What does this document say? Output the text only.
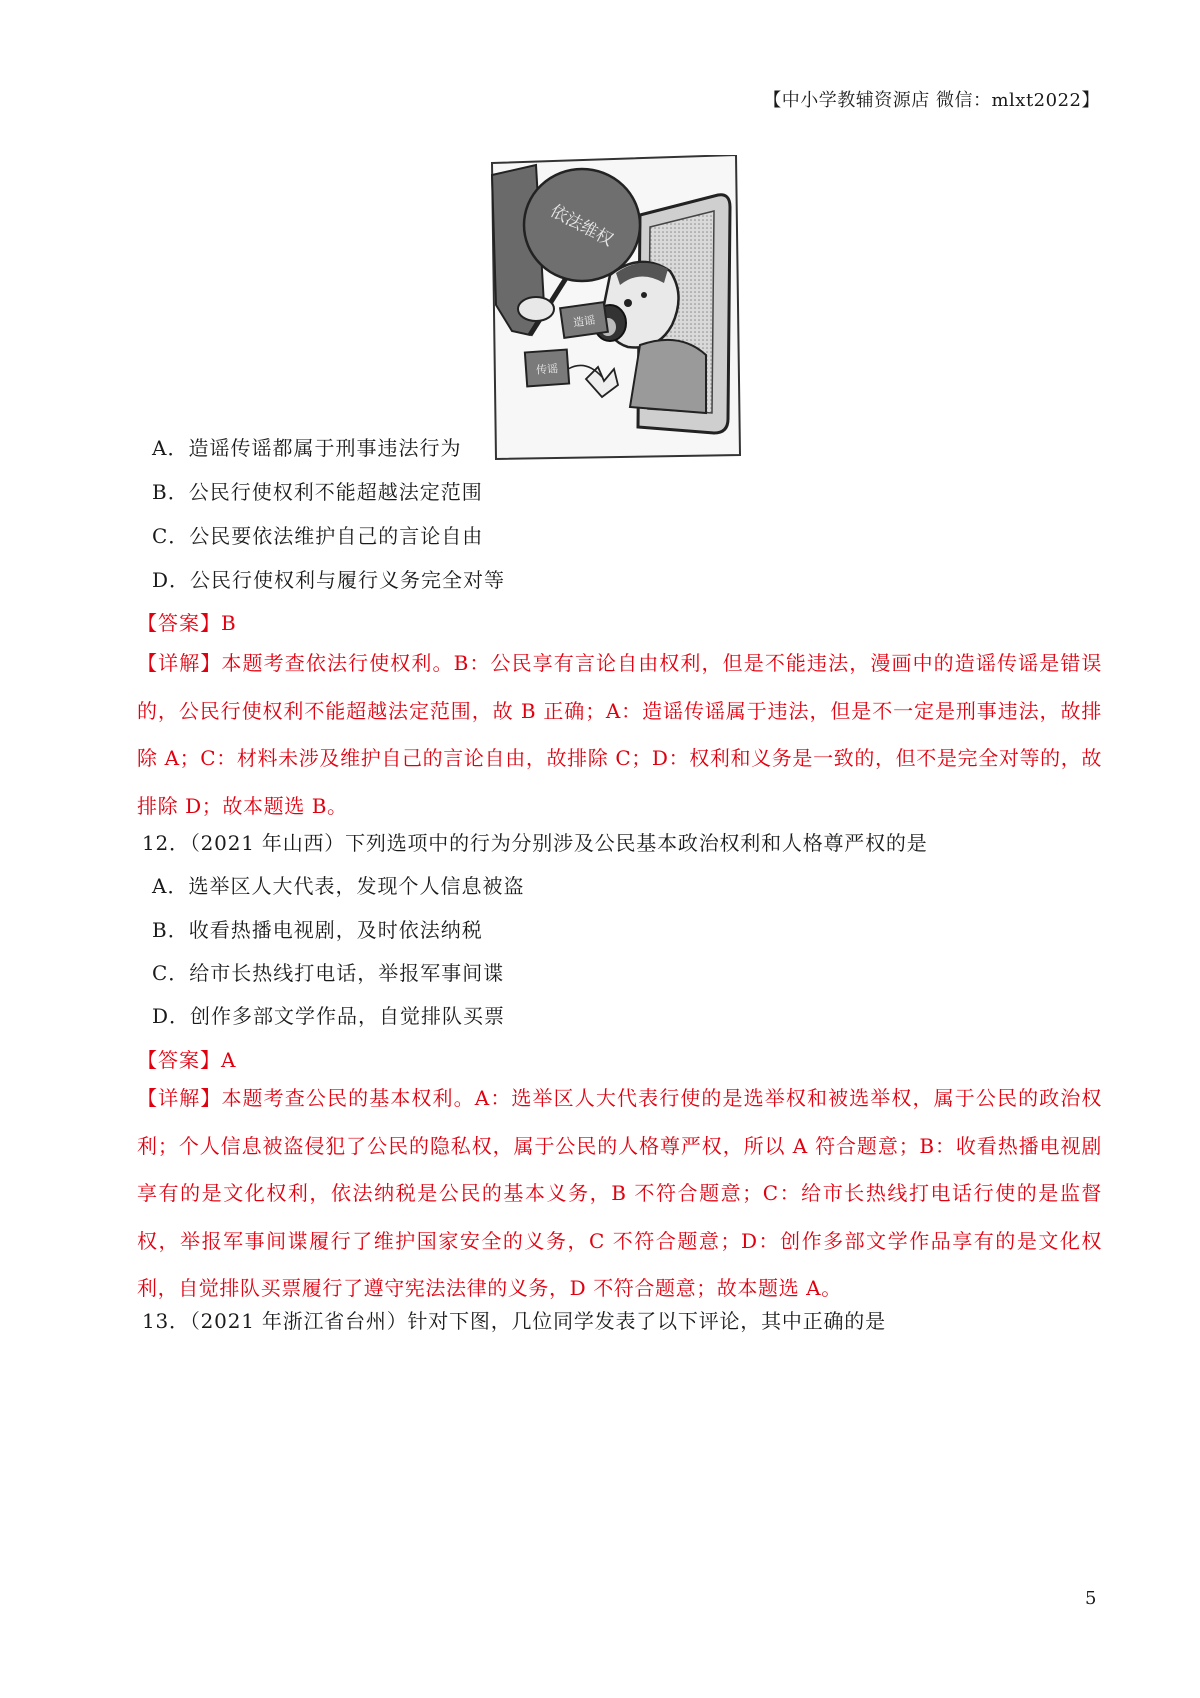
【中小学教辅资源店 微信：mlxt2022】
依法维权
造谣
传谣
A．造谣传谣都属于刑事违法行为
B．公民行使权利不能超越法定范围
C．公民要依法维护自己的言论自由
D．公民行使权利与履行义务完全对等
【答案】B
【详解】本题考查依法行使权利。B：公民享有言论自由权利，但是不能违法，漫画中的造谣传谣是错误的，公民行使权利不能超越法定范围，故 B 正确；A：造谣传谣属于违法，但是不一定是刑事违法，故排除 A；C：材料未涉及维护自己的言论自由，故排除 C；D：权利和义务是一致的，但不是完全对等的，故排除 D；故本题选 B。
12．（2021 年山西）下列选项中的行为分别涉及公民基本政治权利和人格尊严权的是
A．选举区人大代表，发现个人信息被盗
B．收看热播电视剧，及时依法纳税
C．给市长热线打电话，举报军事间谍
D．创作多部文学作品，自觉排队买票
【答案】A
【详解】本题考查公民的基本权利。A：选举区人大代表行使的是选举权和被选举权，属于公民的政治权利；个人信息被盗侵犯了公民的隐私权，属于公民的人格尊严权，所以 A 符合题意；B：收看热播电视剧享有的是文化权利，依法纳税是公民的基本义务，B 不符合题意；C：给市长热线打电话行使的是监督权，举报军事间谍履行了维护国家安全的义务，C 不符合题意；D：创作多部文学作品享有的是文化权利，自觉排队买票履行了遵守宪法法律的义务，D 不符合题意；故本题选 A。
13．（2021 年浙江省台州）针对下图，几位同学发表了以下评论，其中正确的是
5
